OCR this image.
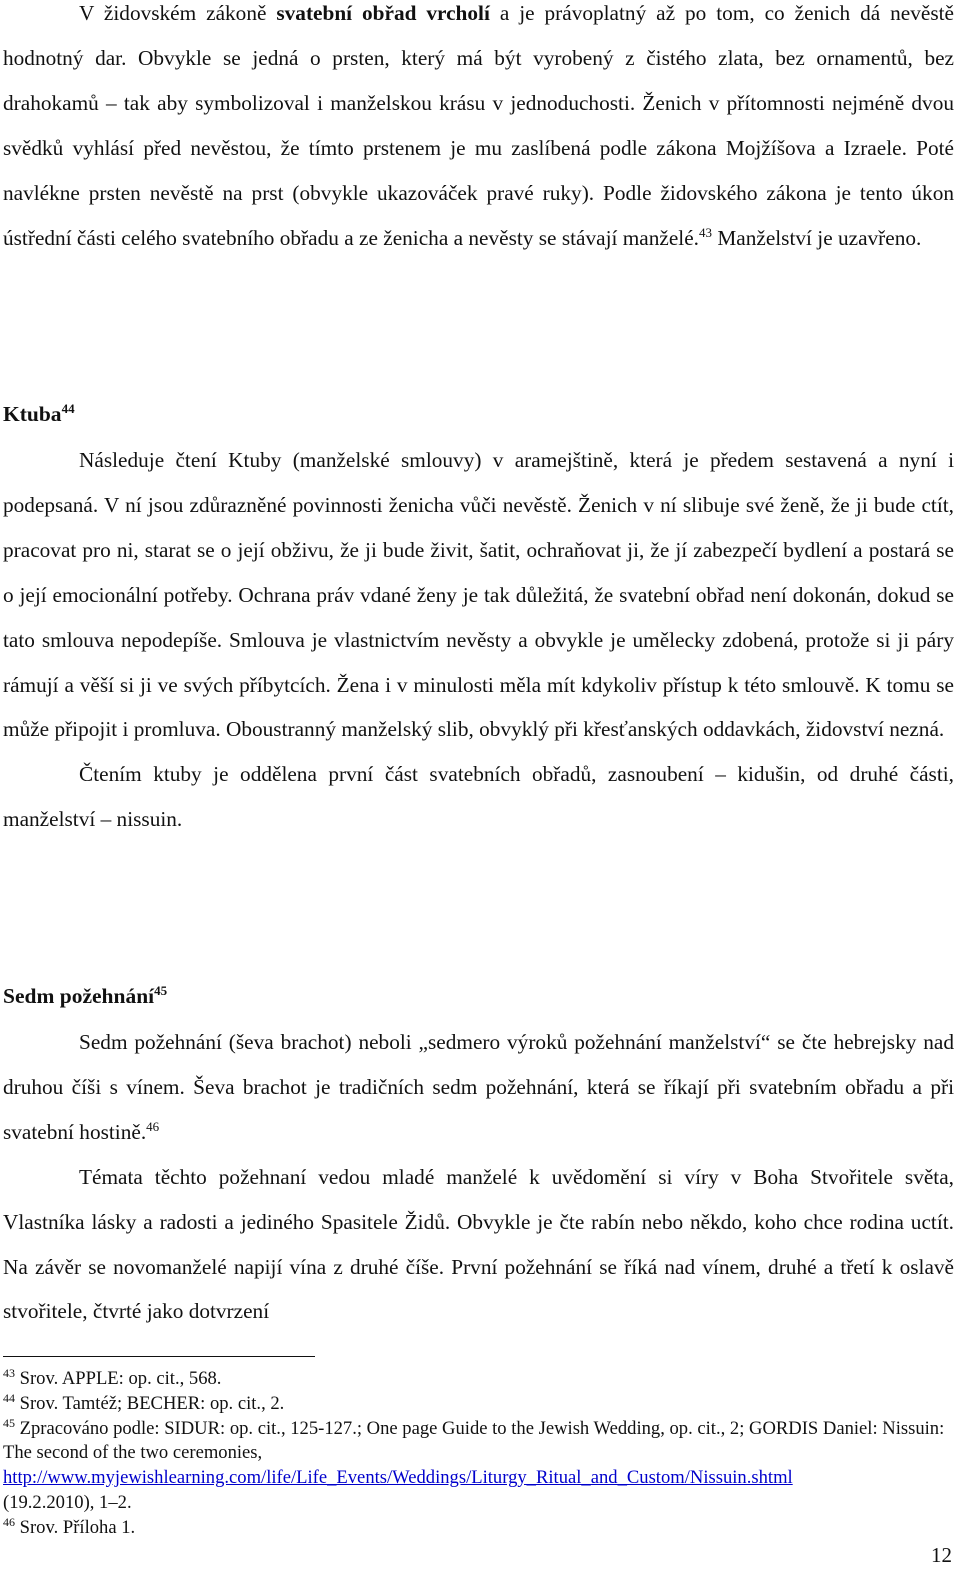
V židovském zákoně svatební obřad vrcholí a je právoplatný až po tom, co ženich dá nevěstě hodnotný dar. Obvykle se jedná o prsten, který má být vyrobený z čistého zlata, bez ornamentů, bez drahokamů – tak aby symbolizoval i manželskou krásu v jednoduchosti. Ženich v přítomnosti nejméně dvou svědků vyhlásí před nevěstou, že tímto prstenem je mu zaslíbená podle zákona Mojžíšova a Izraele. Poté navlékne prsten nevěstě na prst (obvykle ukazováček pravé ruky). Podle židovského zákona je tento úkon ústřední části celého svatebního obřadu a ze ženicha a nevěsty se stávají manželé.$^{43}$ Manželství je uzavřeno.

Ktuba$^{44}$

Následuje čtení Ktuby (manželské smlouvy) v aramejštině, která je předem sestavená a nyní i podepsaná. V ní jsou zdůrazněné povinnosti ženicha vůči nevěstě. Ženich v ní slibuje své ženě, že ji bude ctít, pracovat pro ni, starat se o její obživu, že ji bude živit, šatit, ochraňovat ji, že jí zabezpečí bydlení a postará se o její emocionální potřeby. Ochrana práv vdané ženy je tak důležitá, že svatební obřad není dokonán, dokud se tato smlouva nepodepíše. Smlouva je vlastnictvím nevěsty a obvykle je umělecky zdobená, protože si ji páry rámují a věší si ji ve svých příbytcích. Žena i v minulosti měla mít kdykoliv přístup k této smlouvě. K tomu se může připojit i promluva. Oboustranný manželský slib, obvyklý při křesťanských oddavkách, židovství nezná.

Čtením ktuby je oddělena první část svatebních obřadů, zasnoubení – kidušin, od druhé části, manželství – nissuin.

Sedm požehnání$^{45}$

Sedm požehnání (ševa brachot) neboli „sedmero výroků požehnání manželství“ se čte hebrejsky nad druhou číši s vínem. Ševa brachot je tradičních sedm požehnání, která se říkají při svatebním obřadu a při svatební hostině.$^{46}$

Témata těchto požehnaní vedou mladé manželé k uvědomění si víry v Boha Stvořitele světa, Vlastníka lásky a radosti a jediného Spasitele Židů. Obvykle je čte rabín nebo někdo, koho chce rodina uctít. Na závěr se novomanželé napijí vína z druhé číše. První požehnání se říká nad vínem, druhé a třetí k oslavě stvořitele, čtvrté jako dotvrzení

$^{43}$ Srov. APPLE: op. cit., 568.

$^{44}$ Srov. Tamtéž; BECHER: op. cit., 2.

$^{45}$ Zpracováno podle: SIDUR: op. cit., 125-127.; One page Guide to the Jewish Wedding, op. cit., 2; GORDIS Daniel: Nissuin: The second of the two ceremonies,
http://www.myjewishlearning.com/life/Life_Events/Weddings/Liturgy_Ritual_and_Custom/Nissuin.shtml
(19.2.2010), 1–2.

$^{46}$ Srov. Příloha 1.

12
